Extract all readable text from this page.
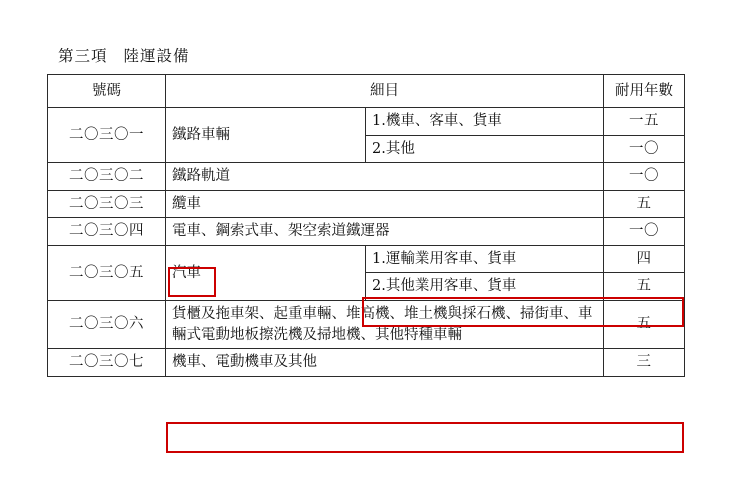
第三項 陸運設備
號碼	細目		耐用年數
二〇三〇一	鐵路車輛	1.機車、客車、貨車	一五
		2.其他	一〇
二〇三〇二	鐵路軌道		一〇
二〇三〇三	纜車		五
二〇三〇四	電車、鋼索式車、架空索道鐵運器		一〇
二〇三〇五	汽車	1.運輸業用客車、貨車	四
		2.其他業用客車、貨車	五
二〇三〇六	貨櫃及拖車架、起重車輛、堆高機、堆土機與採石機、掃街車、車輛式電動地板擦洗機及掃地機、其他特種車輛		五
二〇三〇七	機車、電動機車及其他		三
